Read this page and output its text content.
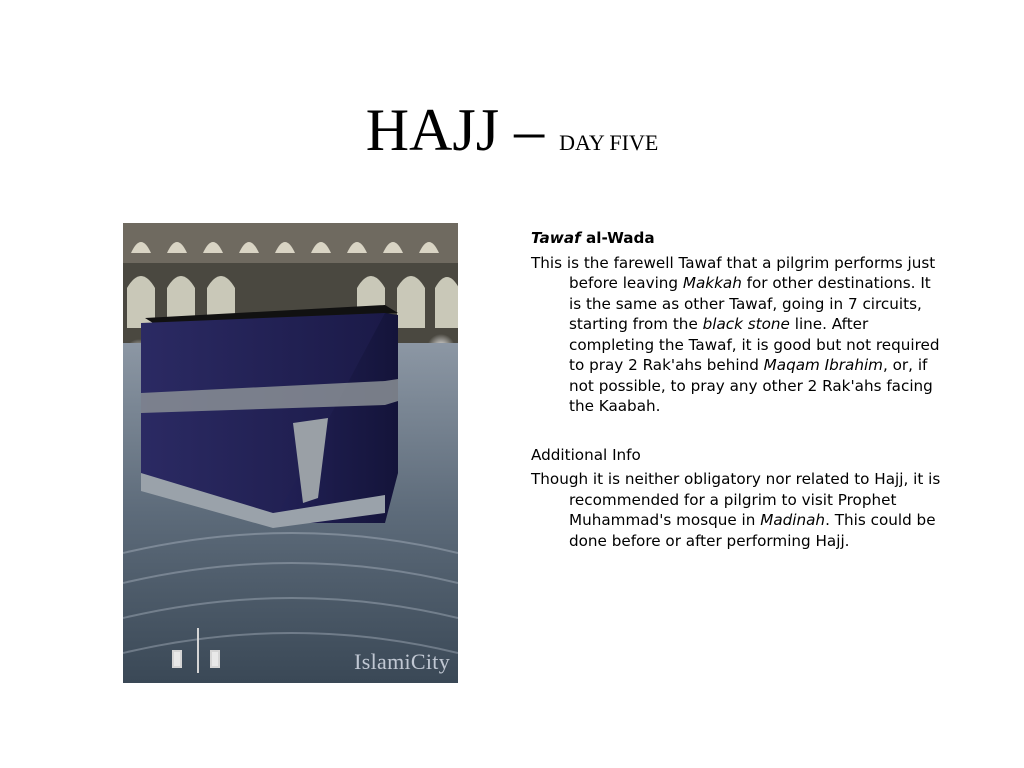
HAJJ – DAY FIVE
IslamiCity

Tawaf al-Wada

This is the farewell Tawaf that a pilgrim performs just before leaving Makkah for other destinations. It is the same as other Tawaf, going in 7 circuits, starting from the black stone line. After completing the Tawaf, it is good but not required to pray 2 Rak'ahs behind Maqam Ibrahim, or, if not possible, to pray any other 2 Rak'ahs facing the Kaabah.

Additional Info

Though it is neither obligatory nor related to Hajj, it is recommended for a pilgrim to visit Prophet Muhammad's mosque in Madinah. This could be done before or after performing Hajj.
